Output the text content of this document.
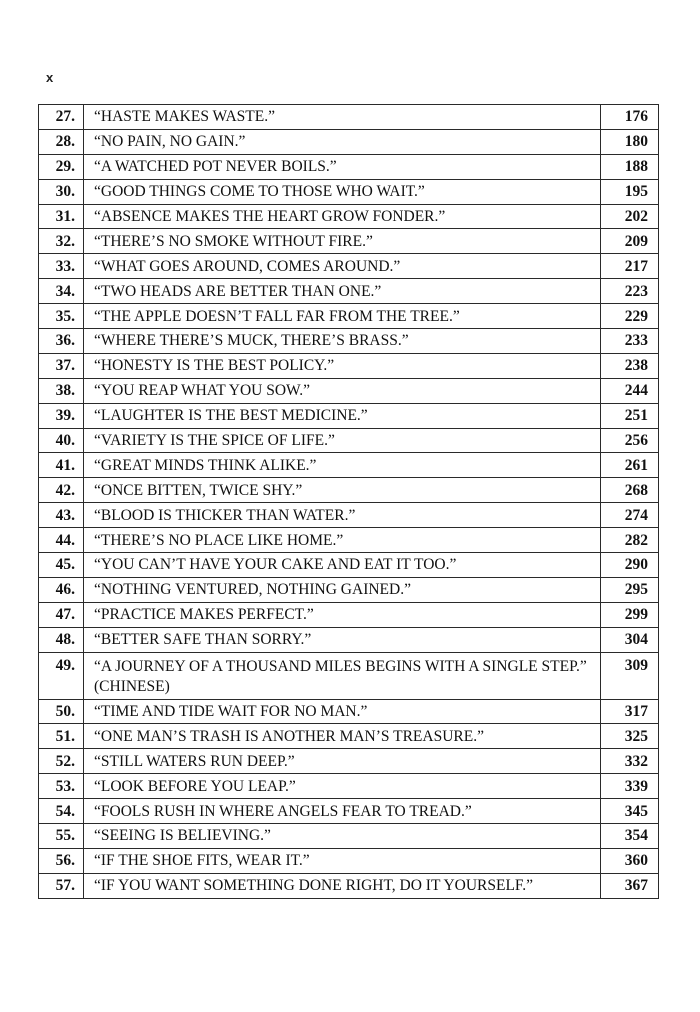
x
27.	“HASTE MAKES WASTE.”	176
28.	“NO PAIN, NO GAIN.”	180
29.	“A WATCHED POT NEVER BOILS.”	188
30.	“GOOD THINGS COME TO THOSE WHO WAIT.”	195
31.	“ABSENCE MAKES THE HEART GROW FONDER.”	202
32.	“THERE’S NO SMOKE WITHOUT FIRE.”	209
33.	“WHAT GOES AROUND, COMES AROUND.”	217
34.	“TWO HEADS ARE BETTER THAN ONE.”	223
35.	“THE APPLE DOESN’T FALL FAR FROM THE TREE.”	229
36.	“WHERE THERE’S MUCK, THERE’S BRASS.”	233
37.	“HONESTY IS THE BEST POLICY.”	238
38.	“YOU REAP WHAT YOU SOW.”	244
39.	“LAUGHTER IS THE BEST MEDICINE.”	251
40.	“VARIETY IS THE SPICE OF LIFE.”	256
41.	“GREAT MINDS THINK ALIKE.”	261
42.	“ONCE BITTEN, TWICE SHY.”	268
43.	“BLOOD IS THICKER THAN WATER.”	274
44.	“THERE’S NO PLACE LIKE HOME.”	282
45.	“YOU CAN’T HAVE YOUR CAKE AND EAT IT TOO.”	290
46.	“NOTHING VENTURED, NOTHING GAINED.”	295
47.	“PRACTICE MAKES PERFECT.”	299
48.	“BETTER SAFE THAN SORRY.”	304
49.	“A JOURNEY OF A THOUSAND MILES BEGINS WITH A SINGLE STEP.” (CHINESE)	309
50.	“TIME AND TIDE WAIT FOR NO MAN.”	317
51.	“ONE MAN’S TRASH IS ANOTHER MAN’S TREASURE.”	325
52.	“STILL WATERS RUN DEEP.”	332
53.	“LOOK BEFORE YOU LEAP.”	339
54.	“FOOLS RUSH IN WHERE ANGELS FEAR TO TREAD.”	345
55.	“SEEING IS BELIEVING.”	354
56.	“IF THE SHOE FITS, WEAR IT.”	360
57.	“IF YOU WANT SOMETHING DONE RIGHT, DO IT YOURSELF.”	367
